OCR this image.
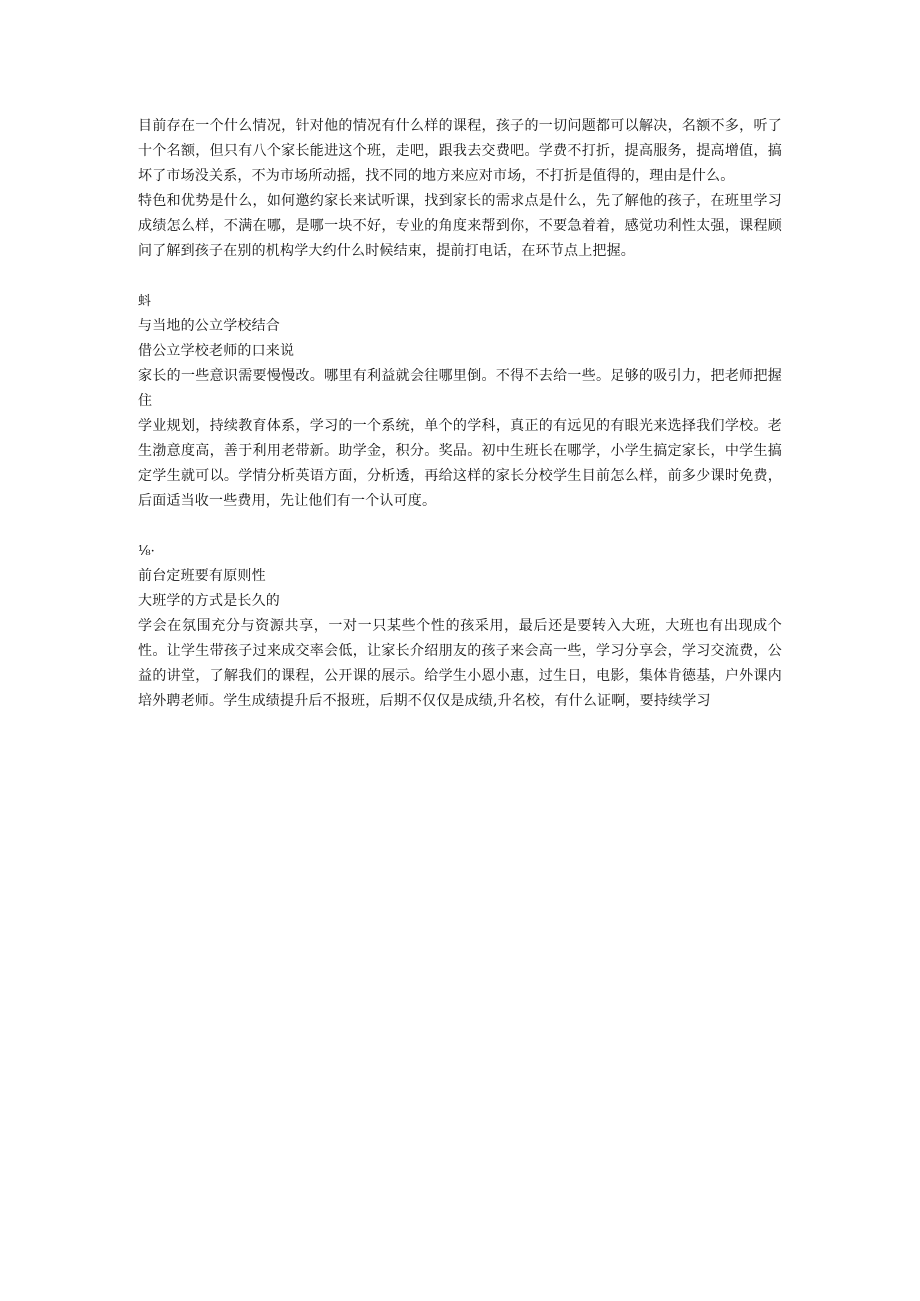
目前存在一个什么情况，针对他的情况有什么样的课程，孩子的一切问题都可以解决，名额不多，听了十个名额，但只有八个家长能进这个班，走吧，跟我去交费吧。学费不打折，提高服务，提高增值，搞坏了市场没关系，不为市场所动摇，找不同的地方来应对市场，不打折是值得的，理由是什么。

特色和优势是什么，如何邀约家长来试听课，找到家长的需求点是什么，先了解他的孩子，在班里学习成绩怎么样，不满在哪，是哪一块不好，专业的角度来帮到你，不要急着着，感觉功利性太强，课程顾问了解到孩子在别的机构学大约什么时候结束，提前打电话，在环节点上把握。

蚪

与当地的公立学校结合

借公立学校老师的口来说

家长的一些意识需要慢慢改。哪里有利益就会往哪里倒。不得不去给一些。足够的吸引力，把老师把握住

学业规划，持续教育体系，学习的一个系统，单个的学科，真正的有远见的有眼光来选择我们学校。老生渤意度高，善于利用老带新。助学金，积分。奖品。初中生班长在哪学，小学生搞定家长，中学生搞定学生就可以。学情分析英语方面，分析透，再给这样的家长分校学生目前怎么样，前多少课时免费，后面适当收一些费用，先让他们有一个认可度。

⅛·

前台定班要有原则性

大班学的方式是长久的

学会在氛围充分与资源共享，一对一只某些个性的孩采用，最后还是要转入大班，大班也有出现成个性。让学生带孩子过来成交率会低，让家长介绍朋友的孩子来会高一些，学习分享会，学习交流费，公益的讲堂，了解我们的课程，公开课的展示。给学生小恩小惠，过生日，电影，集体肯德基，户外课内培外聘老师。学生成绩提升后不报班，后期不仅仅是成绩,升名校，有什么证啊，要持续学习
